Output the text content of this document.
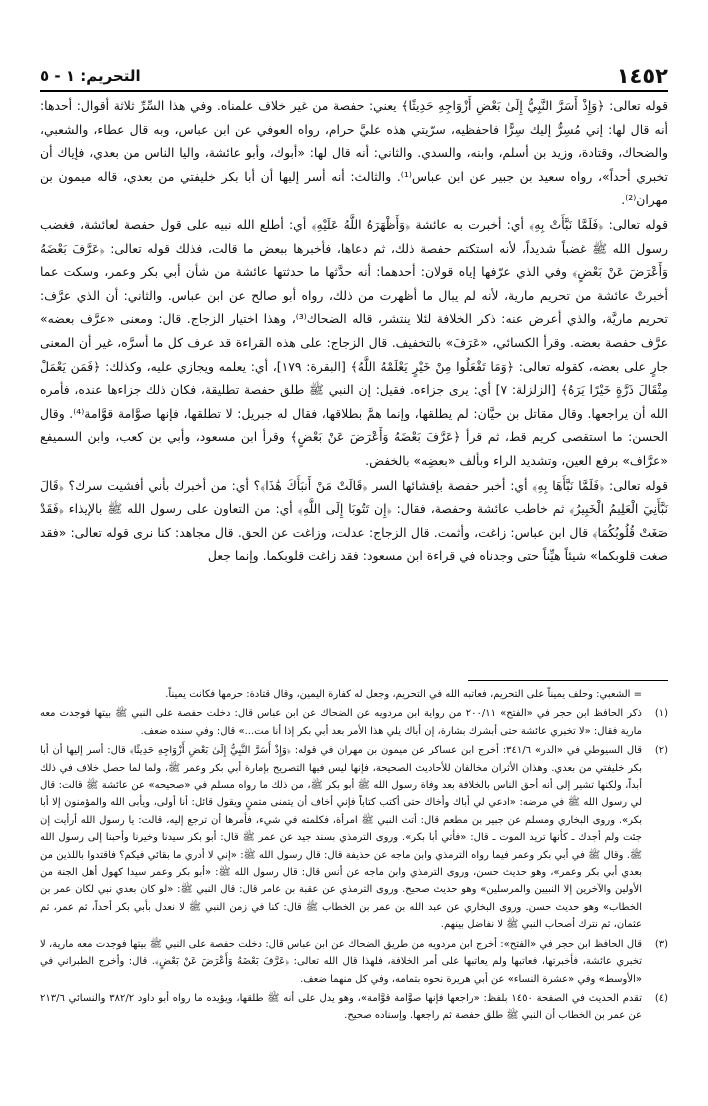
١٤٥٢
التحريم: ١ - ٥

قوله تعالى: ﴿وَإِذْ أَسَرَّ النَّبِيُّ إِلَىٰ بَعْضِ أَزْوَاجِهِ حَدِيثًا﴾ يعني: حفصة من غير خلاف علمناه. وفي هذا السِّرِّ ثلاثة أقوال: أحدها: أنه قال لها: إني مُسِرٌّ إليك سِرًّا فاحفظيه، سرّيتي هذه عليَّ حرام، رواه العوفي عن ابن عباس، وبه قال عطاء، والشعبي، والضحاك، وقتادة، وزيد بن أسلم، وابنه، والسدي. والثاني: أنه قال لها: «أبوك، وأبو عائشة، واليا الناس من بعدي، فإياك أن تخبري أحداً»، رواه سعيد بن جبير عن ابن عباس⁽¹⁾. والثالث: أنه أسر إليها أن أبا بكر خليفتي من بعدي، قاله ميمون بن مهران⁽²⁾.

قوله تعالى: ﴿فَلَمَّا نَبَّأَتْ بِهِ﴾ أي: أخبرت به عائشة ﴿وَأَظْهَرَهُ اللَّهُ عَلَيْهِ﴾ أي: أطلع الله نبيه على قول حفصة لعائشة، فغضب رسول الله ﷺ غضباً شديداً، لأنه استكتم حفصة ذلك، ثم دعاها، فأخبرها ببعض ما قالت، فذلك قوله تعالى: ﴿عَرَّفَ بَعْضَهُ وَأَعْرَضَ عَنْ بَعْضٍ﴾ وفي الذي عرّفها إياه قولان: أحدهما: أنه حدَّثها ما حدثتها عائشة من شأن أبي بكر وعمر، وسكت عما أخبرتْ عائشة من تحريم مارية، لأنه لم يبال ما أظهرت من ذلك، رواه أبو صالح عن ابن عباس. والثاني: أن الذي عرَّف: تحريم ماريَّة، والذي أعرض عنه: ذكر الخلافة لئلا ينتشر، قاله الضحاك⁽³⁾، وهذا اختيار الزجاج. قال: ومعنى «عرَّف بعضه» عرَّف حفصة بعضه. وقرأ الكسائي، «عَرَفَ» بالتخفيف. قال الزجاج: على هذه القراءة قد عرف كل ما أسرَّه، غير أن المعنى جارٍ على بعضه، كقوله تعالى: ﴿وَمَا تَفْعَلُوا مِنْ خَيْرٍ يَعْلَمْهُ اللَّهُ﴾ [البقرة: ١٧٩]، أي: يعلمه ويجازي عليه، وكذلك: ﴿فَمَن يَعْمَلْ مِثْقَالَ ذَرَّةٍ خَيْرًا يَرَهُ﴾ [الزلزلة: ٧] أي: يرى جزاءه. فقيل: إن النبي ﷺ طلق حفصة تطليقة، فكان ذلك جزاءها عنده، فأمره الله أن يراجعها. وقال مقاتل بن حيَّان: لم يطلقها، وإنما همَّ بطلاقها، فقال له جبريل: لا تطلقها، فإنها صوَّامة قوَّامة⁽⁴⁾. وقال الحسن: ما استقصى كريم قط، ثم قرأ ﴿عَرَّفَ بَعْضَهُ وَأَعْرَضَ عَنْ بَعْضٍ﴾ وقرأ ابن مسعود، وأبي بن كعب، وابن السميفع «عرَّاف» برفع العين، وتشديد الراء وبألف «بعضِه» بالخفض.

قوله تعالى: ﴿فَلَمَّا نَبَّأَهَا بِهِ﴾ أي: أخبر حفصة بإفشائها السر ﴿قَالَتْ مَنْ أَنبَأَكَ هَٰذَا﴾؟ أي: من أخبرك بأني أفشيت سرك؟ ﴿قَالَ نَبَّأَنِيَ الْعَلِيمُ الْخَبِيرُ﴾ ثم خاطب عائشة وحفصة، فقال: ﴿إِن تَتُوبَا إِلَى اللَّهِ﴾ أي: من التعاون على رسول الله ﷺ بالإيذاء ﴿فَقَدْ صَغَتْ قُلُوبُكُمَا﴾ قال ابن عباس: زاغت، وأثمت. قال الزجاج: عدلت، وزاغت عن الحق. قال مجاهد: كنا نرى قوله تعالى: «فقد صغت قلوبكما» شيئاً هيِّناً حتى وجدناه في قراءة ابن مسعود: فقد زاغت قلوبكما. وإنما جعل

= الشعبي: وحلف يميناً على التحريم، فعاتبه الله في التحريم، وجعل له كفارة اليمين، وقال قتادة: حرمها فكانت يميناً.
(١)
ذكر الحافظ ابن حجر في «الفتح» ٢٠٠/١١ من رواية ابن مردويه عن الضحاك عن ابن عباس قال: دخلت حفصة على النبي ﷺ بيتها فوجدت معه مارية فقال: «لا تخبري عائشة حتى أبشرك بشارة، إن أباك يلي هذا الأمر بعد أبي بكر إذا أنا مت...» قال: وفي سنده ضعف.
(٢)
قال السيوطي في «الدر» ٣٤١/٦: أخرج ابن عساكر عن ميمون بن مهران في قوله: ﴿وَإِذْ أَسَرَّ النَّبِيُّ إِلَىٰ بَعْضِ أَزْوَاجِهِ حَدِيثًا﴾ قال: أسر إليها أن أبا بكر خليفتي من بعدي. وهذان الأثران مخالفان للأحاديث الصحيحة، فإنها ليس فيها التصريح بإمارة أبي بكر وعمر ﷺ، ولما لما حصل خلاف في ذلك أبداً، ولكنها تشير إلى أنه أحق الناس بالخلافة بعد وفاة رسول الله ﷺ أبو بكر ﷺ، من ذلك ما رواه مسلم في «صحيحه» عن عائشة ﷺ قالت: قال لي رسول الله ﷺ في مرضه: «ادعي لي أباك وأخاك حتى أكتب كتاباً فإني أخاف أن يتمنى متمنٍ ويقول قائل: أنا أولى، ويأبى الله والمؤمنون إلا أبا بكر». وروى البخاري ومسلم عن جبير بن مطعم قال: أتت النبي ﷺ امرأة، فكلمته في شيء، فأمرها أن ترجع إليه، قالت: يا رسول الله أرأيت إن جئت ولم أجدك ـ كأنها تريد الموت ـ قال: «فأتي أبا بكر». وروى الترمذي بسند جيد عن عمر ﷺ قال: أبو بكر سيدنا وخيرنا وأحبنا إلى رسول الله ﷺ. وقال ﷺ في أبي بكر وعمر فيما رواه الترمذي وابن ماجه عن حذيفة قال: قال رسول الله ﷺ: «إني لا أدري ما بقائي فيكم؟ فاقتدوا باللذين من بعدي أبي بكر وعمر»، وهو حديث حسن، وروى الترمذي وابن ماجه عن أنس قال: قال رسول الله ﷺ: «أبو بكر وعمر سيدا كهول أهل الجنة من الأولين والآخرين إلا النبيين والمرسلين» وهو حديث صحيح. وروى الترمذي عن عقبة بن عامر قال: قال النبي ﷺ: «لو كان بعدي نبي لكان عمر بن الخطاب» وهو حديث حسن. وروى البخاري عن عبد الله بن عمر بن الخطاب ﷺ قال: كنا في زمن النبي ﷺ لا نعدل بأبي بكر أحداً، ثم عمر، ثم عثمان، ثم نترك أصحاب النبي ﷺ لا نفاضل بينهم.
(٣)
قال الحافظ ابن حجر في «الفتح»: أخرج ابن مردويه من طريق الضحاك عن ابن عباس قال: دخلت حفصة على النبي ﷺ بيتها فوجدت معه مارية، لا تخبري عائشة، فأخبرتها، فعاتبها ولم يعاتبها على أمر الخلافة، فلهذا قال الله تعالى: ﴿عَرَّفَ بَعْضَهُ وَأَعْرَضَ عَنْ بَعْضٍ﴾. قال: وأخرج الطبراني في «الأوسط» وفي «عشرة النساء» عن أبي هريرة نحوه بتمامه، وفي كل منهما ضعف.
(٤)
تقدم الحديث في الصفحة ١٤٥٠ بلفظ: «راجعها فإنها صوَّامة قوَّامة»، وهو يدل على أنه ﷺ طلقها، ويؤيده ما رواه أبو داود ٣٨٢/٢ والنسائي ٢١٣/٦ عن عمر بن الخطاب أن النبي ﷺ طلق حفصة ثم راجعها. وإسناده صحيح.
